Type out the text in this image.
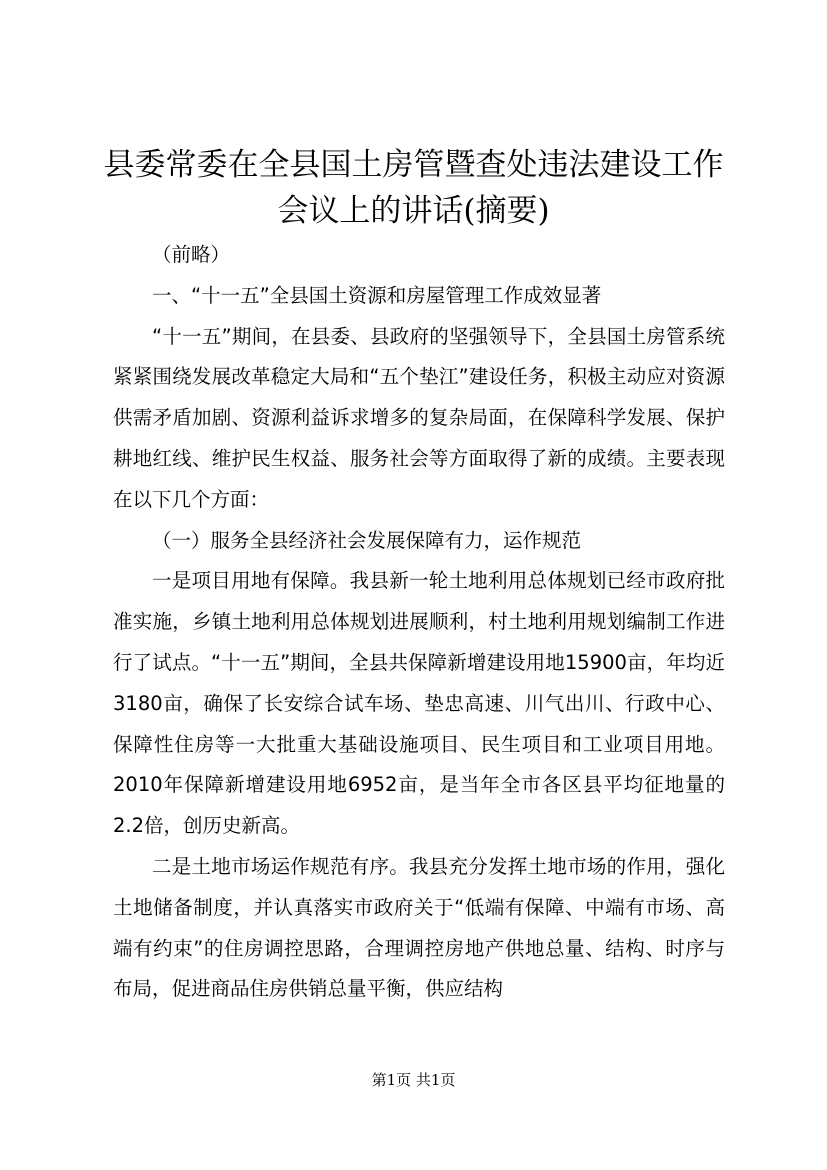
县委常委在全县国土房管暨查处违法建设工作
会议上的讲话(摘要)

（前略）

一、“十一五”全县国土资源和房屋管理工作成效显著

“十一五”期间，在县委、县政府的坚强领导下，全县国土房管系统紧紧围绕发展改革稳定大局和“五个垫江”建设任务，积极主动应对资源供需矛盾加剧、资源利益诉求增多的复杂局面，在保障科学发展、保护耕地红线、维护民生权益、服务社会等方面取得了新的成绩。主要表现在以下几个方面：

（一）服务全县经济社会发展保障有力，运作规范

一是项目用地有保障。我县新一轮土地利用总体规划已经市政府批准实施，乡镇土地利用总体规划进展顺利，村土地利用规划编制工作进行了试点。“十一五”期间，全县共保障新增建设用地15900亩，年均近3180亩，确保了长安综合试车场、垫忠高速、川气出川、行政中心、保障性住房等一大批重大基础设施项目、民生项目和工业项目用地。2010年保障新增建设用地6952亩，是当年全市各区县平均征地量的2.2倍，创历史新高。

二是土地市场运作规范有序。我县充分发挥土地市场的作用，强化土地储备制度，并认真落实市政府关于“低端有保障、中端有市场、高端有约束”的住房调控思路，合理调控房地产供地总量、结构、时序与布局，促进商品住房供销总量平衡，供应结构

第1页 共1页
